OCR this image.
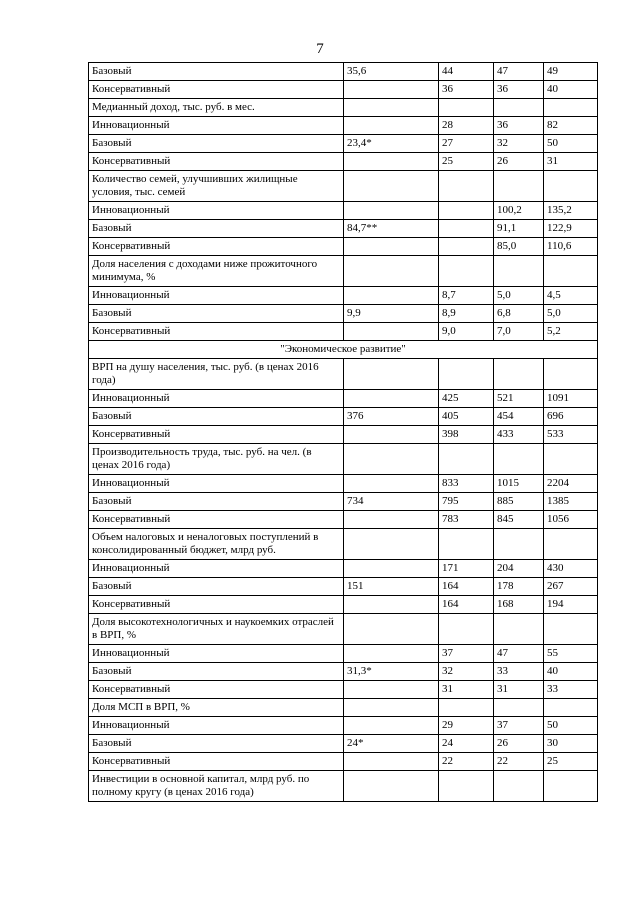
7
Базовый	35,6		44	47	49
Консервативный			36	36	40
Медианный доход, тыс. руб. в мес.					
Инновационный			28	36	82
Базовый	23,4*		27	32	50
Консервативный			25	26	31
Количество семей, улучшивших жилищные условия, тыс. семей					
Инновационный				100,2	135,2
Базовый	84,7**			91,1	122,9
Консервативный				85,0	110,6
Доля населения с доходами ниже прожиточного минимума, %					
Инновационный			8,7	5,0	4,5
Базовый	9,9		8,9	6,8	5,0
Консервативный			9,0	7,0	5,2
"Экономическое развитие"				
ВРП на душу населения, тыс. руб. (в ценах 2016 года)					
Инновационный			425	521	1091
Базовый	376		405	454	696
Консервативный			398	433	533
Производительность труда, тыс. руб. на чел. (в ценах 2016 года)					
Инновационный			833	1015	2204
Базовый	734		795	885	1385
Консервативный			783	845	1056
Объем налоговых и неналоговых поступлений в консолидированный бюджет, млрд руб.					
Инновационный			171	204	430
Базовый	151		164	178	267
Консервативный			164	168	194
Доля высокотехнологичных и наукоемких отраслей в ВРП, %					
Инновационный			37	47	55
Базовый	31,3*		32	33	40
Консервативный			31	31	33
Доля МСП в ВРП, %					
Инновационный			29	37	50
Базовый	24*		24	26	30
Консервативный			22	22	25
Инвестиции в основной капитал, млрд руб. по полному кругу (в ценах 2016 года)					
